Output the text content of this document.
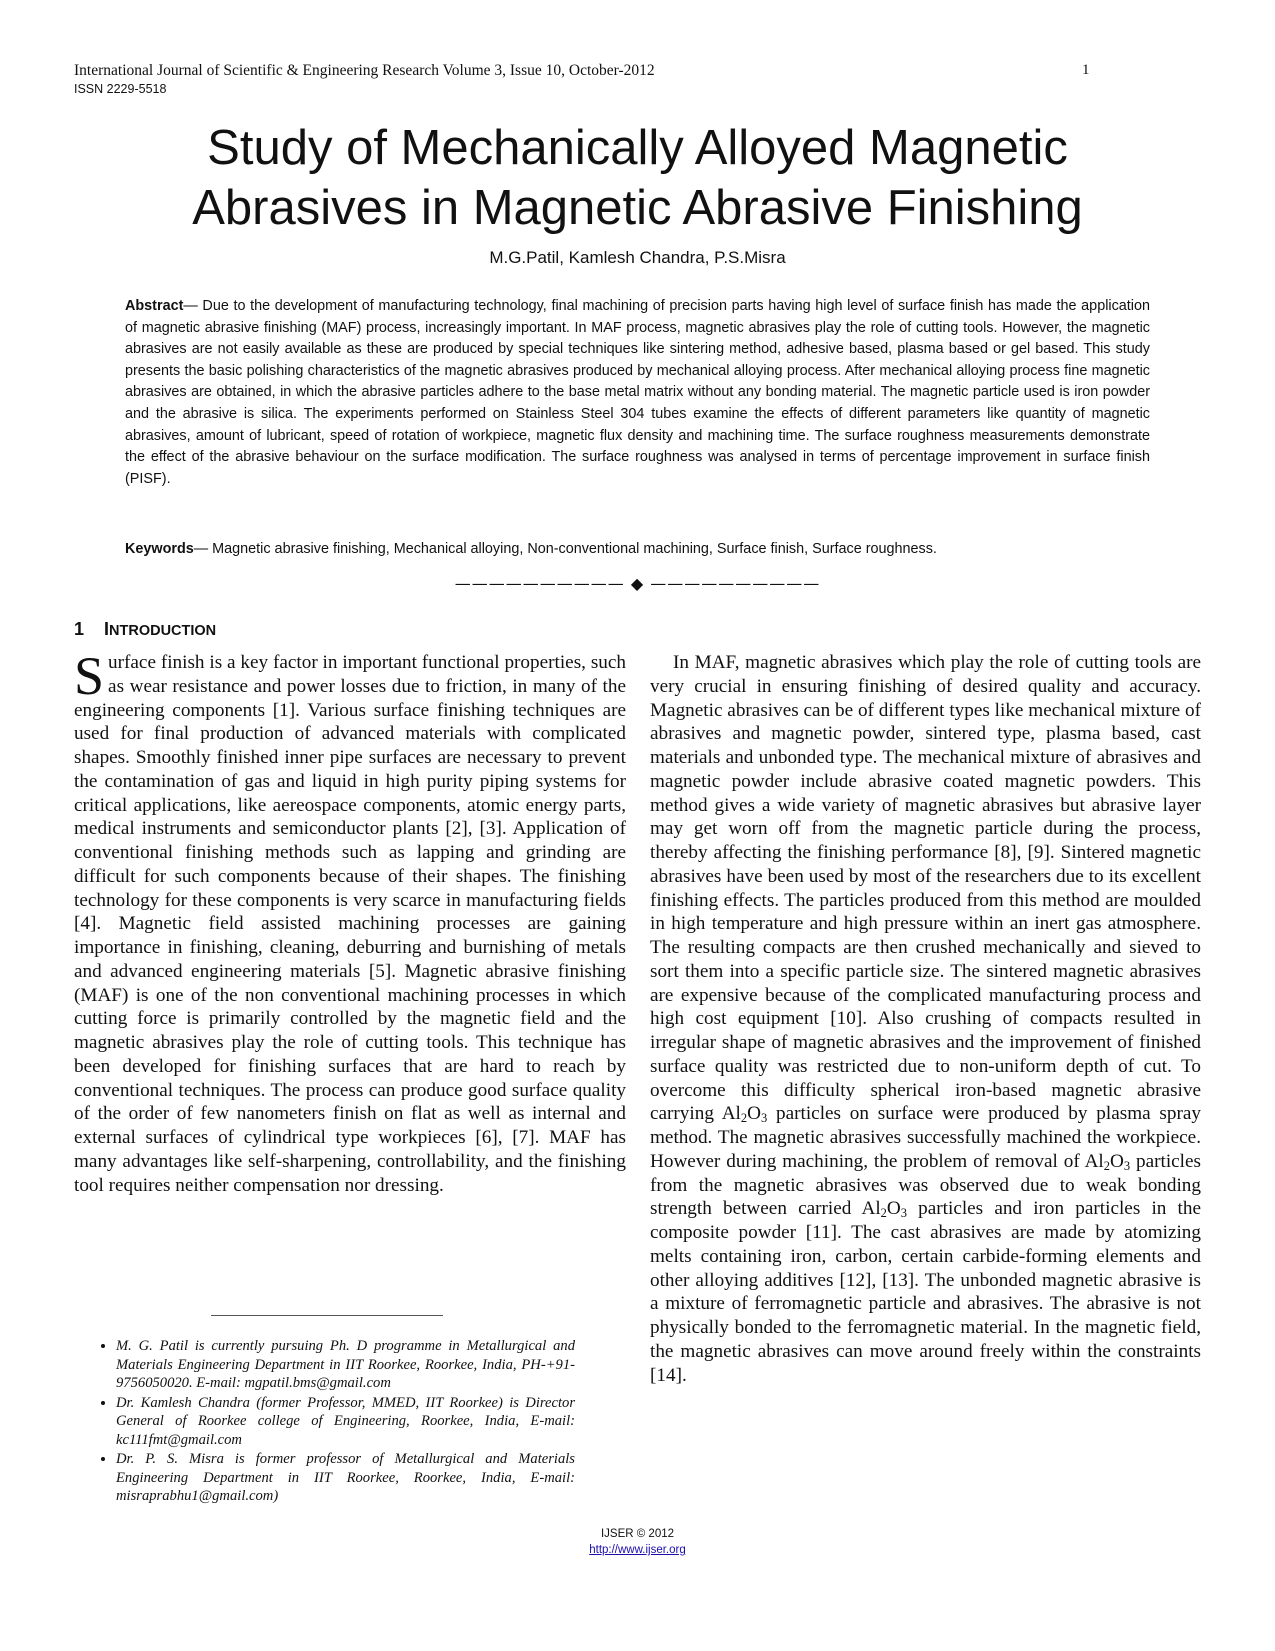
International Journal of Scientific & Engineering Research Volume 3, Issue 10, October-2012	1
ISSN 2229-5518
Study of Mechanically Alloyed Magnetic
Abrasives in Magnetic Abrasive Finishing
M.G.Patil, Kamlesh Chandra, P.S.Misra

Abstract— Due to the development of manufacturing technology, final machining of precision parts having high level of surface finish has made the application of magnetic abrasive finishing (MAF) process, increasingly important. In MAF process, magnetic abrasives play the role of cutting tools. However, the magnetic abrasives are not easily available as these are produced by special techniques like sintering method, adhesive based, plasma based or gel based. This study presents the basic polishing characteristics of the magnetic abrasives produced by mechanical alloying process. After mechanical alloying process fine magnetic abrasives are obtained, in which the abrasive particles adhere to the base metal matrix without any bonding material. The magnetic particle used is iron powder and the abrasive is silica. The experiments performed on Stainless Steel 304 tubes examine the effects of different parameters like quantity of magnetic abrasives, amount of lubricant, speed of rotation of workpiece, magnetic flux density and machining time. The surface roughness measurements demonstrate the effect of the abrasive behaviour on the surface modification. The surface roughness was analysed in terms of percentage improvement in surface finish (PISF).

Keywords— Magnetic abrasive finishing, Mechanical alloying, Non-conventional machining, Surface finish, Surface roughness.

—————————— ◆ ——————————
1 INTRODUCTION

Surface finish is a key factor in important functional properties, such as wear resistance and power losses due to friction, in many of the engineering components [1]. Various surface finishing techniques are used for final production of advanced materials with complicated shapes. Smoothly finished inner pipe surfaces are necessary to prevent the contamination of gas and liquid in high purity piping systems for critical applications, like aereospace components, atomic energy parts, medical instruments and semiconductor plants [2], [3]. Application of conventional finishing methods such as lapping and grinding are difficult for such components because of their shapes. The finishing technology for these components is very scarce in manufacturing fields [4]. Magnetic field assisted machining processes are gaining importance in finishing, cleaning, deburring and burnishing of metals and advanced engineering materials [5]. Magnetic abrasive finishing (MAF) is one of the non conventional machining processes in which cutting force is primarily controlled by the magnetic field and the magnetic abrasives play the role of cutting tools. This technique has been developed for finishing surfaces that are hard to reach by conventional techniques. The process can produce good surface quality of the order of few nanometers finish on flat as well as internal and external surfaces of cylindrical type workpieces [6], [7]. MAF has many advantages like self-sharpening, controllability, and the finishing tool requires neither compensation nor dressing.

In MAF, magnetic abrasives which play the role of cutting tools are very crucial in ensuring finishing of desired quality and accuracy. Magnetic abrasives can be of different types like mechanical mixture of abrasives and magnetic powder, sintered type, plasma based, cast materials and unbonded type. The mechanical mixture of abrasives and magnetic powder include abrasive coated magnetic powders. This method gives a wide variety of magnetic abrasives but abrasive layer may get worn off from the magnetic particle during the process, thereby affecting the finishing performance [8], [9]. Sintered magnetic abrasives have been used by most of the researchers due to its excellent finishing effects. The particles produced from this method are moulded in high temperature and high pressure within an inert gas atmosphere. The resulting compacts are then crushed mechanically and sieved to sort them into a specific particle size. The sintered magnetic abrasives are expensive because of the complicated manufacturing process and high cost equipment [10]. Also crushing of compacts resulted in irregular shape of magnetic abrasives and the improvement of finished surface quality was restricted due to non-uniform depth of cut. To overcome this difficulty spherical iron-based magnetic abrasive carrying $Al_2O_3$ particles on surface were produced by plasma spray method. The magnetic abrasives successfully machined the workpiece. However during machining, the problem of removal of $Al_2O_3$ particles from the magnetic abrasives was observed due to weak bonding strength between carried $Al_2O_3$ particles and iron particles in the composite powder [11]. The cast abrasives are made by atomizing melts containing iron, carbon, certain carbide-forming elements and other alloying additives [12], [13]. The unbonded magnetic abrasive is a mixture of ferromagnetic particle and abrasives. The abrasive is not physically bonded to the ferromagnetic material. In the magnetic field, the magnetic abrasives can move around freely within the constraints [14].

• M. G. Patil is currently pursuing Ph. D programme in Metallurgical and Materials Engineering Department in IIT Roorkee, Roorkee, India, PH-+91-9756050020. E-mail: mgpatil.bms@gmail.com
• Dr. Kamlesh Chandra (former Professor, MMED, IIT Roorkee) is Director General of Roorkee college of Engineering, Roorkee, India, E-mail: kc111fmt@gmail.com
• Dr. P. S. Misra is former professor of Metallurgical and Materials Engineering Department in IIT Roorkee, Roorkee, India, E-mail: misraprabhu1@gmail.com)
IJSER © 2012
http://www.ijser.org
